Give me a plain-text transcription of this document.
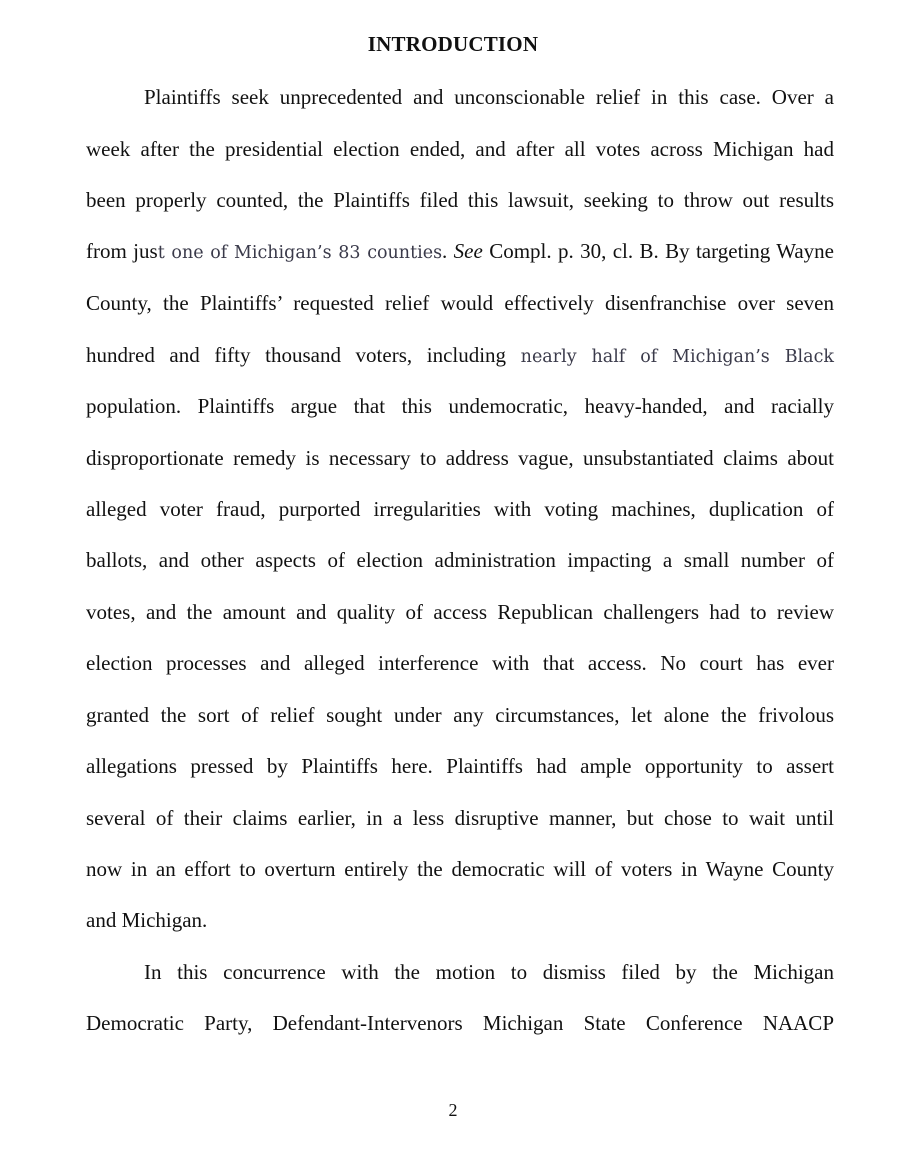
INTRODUCTION
Plaintiffs seek unprecedented and unconscionable relief in this case. Over a
week after the presidential election ended, and after all votes across Michigan had
been properly counted, the Plaintiffs filed this lawsuit, seeking to throw out results
from just one of Michigan’s 83 counties. See Compl. p. 30, cl. B. By targeting Wayne
County, the Plaintiffs’ requested relief would effectively disenfranchise over seven
hundred and fifty thousand voters, including nearly half of Michigan’s Black
population. Plaintiffs argue that this undemocratic, heavy-handed, and racially
disproportionate remedy is necessary to address vague, unsubstantiated claims about
alleged voter fraud, purported irregularities with voting machines, duplication of
ballots, and other aspects of election administration impacting a small number of
votes, and the amount and quality of access Republican challengers had to review
election processes and alleged interference with that access. No court has ever
granted the sort of relief sought under any circumstances, let alone the frivolous
allegations pressed by Plaintiffs here. Plaintiffs had ample opportunity to assert
several of their claims earlier, in a less disruptive manner, but chose to wait until
now in an effort to overturn entirely the democratic will of voters in Wayne County
and Michigan.
In this concurrence with the motion to dismiss filed by the Michigan
Democratic Party, Defendant-Intervenors Michigan State Conference NAACP
2
